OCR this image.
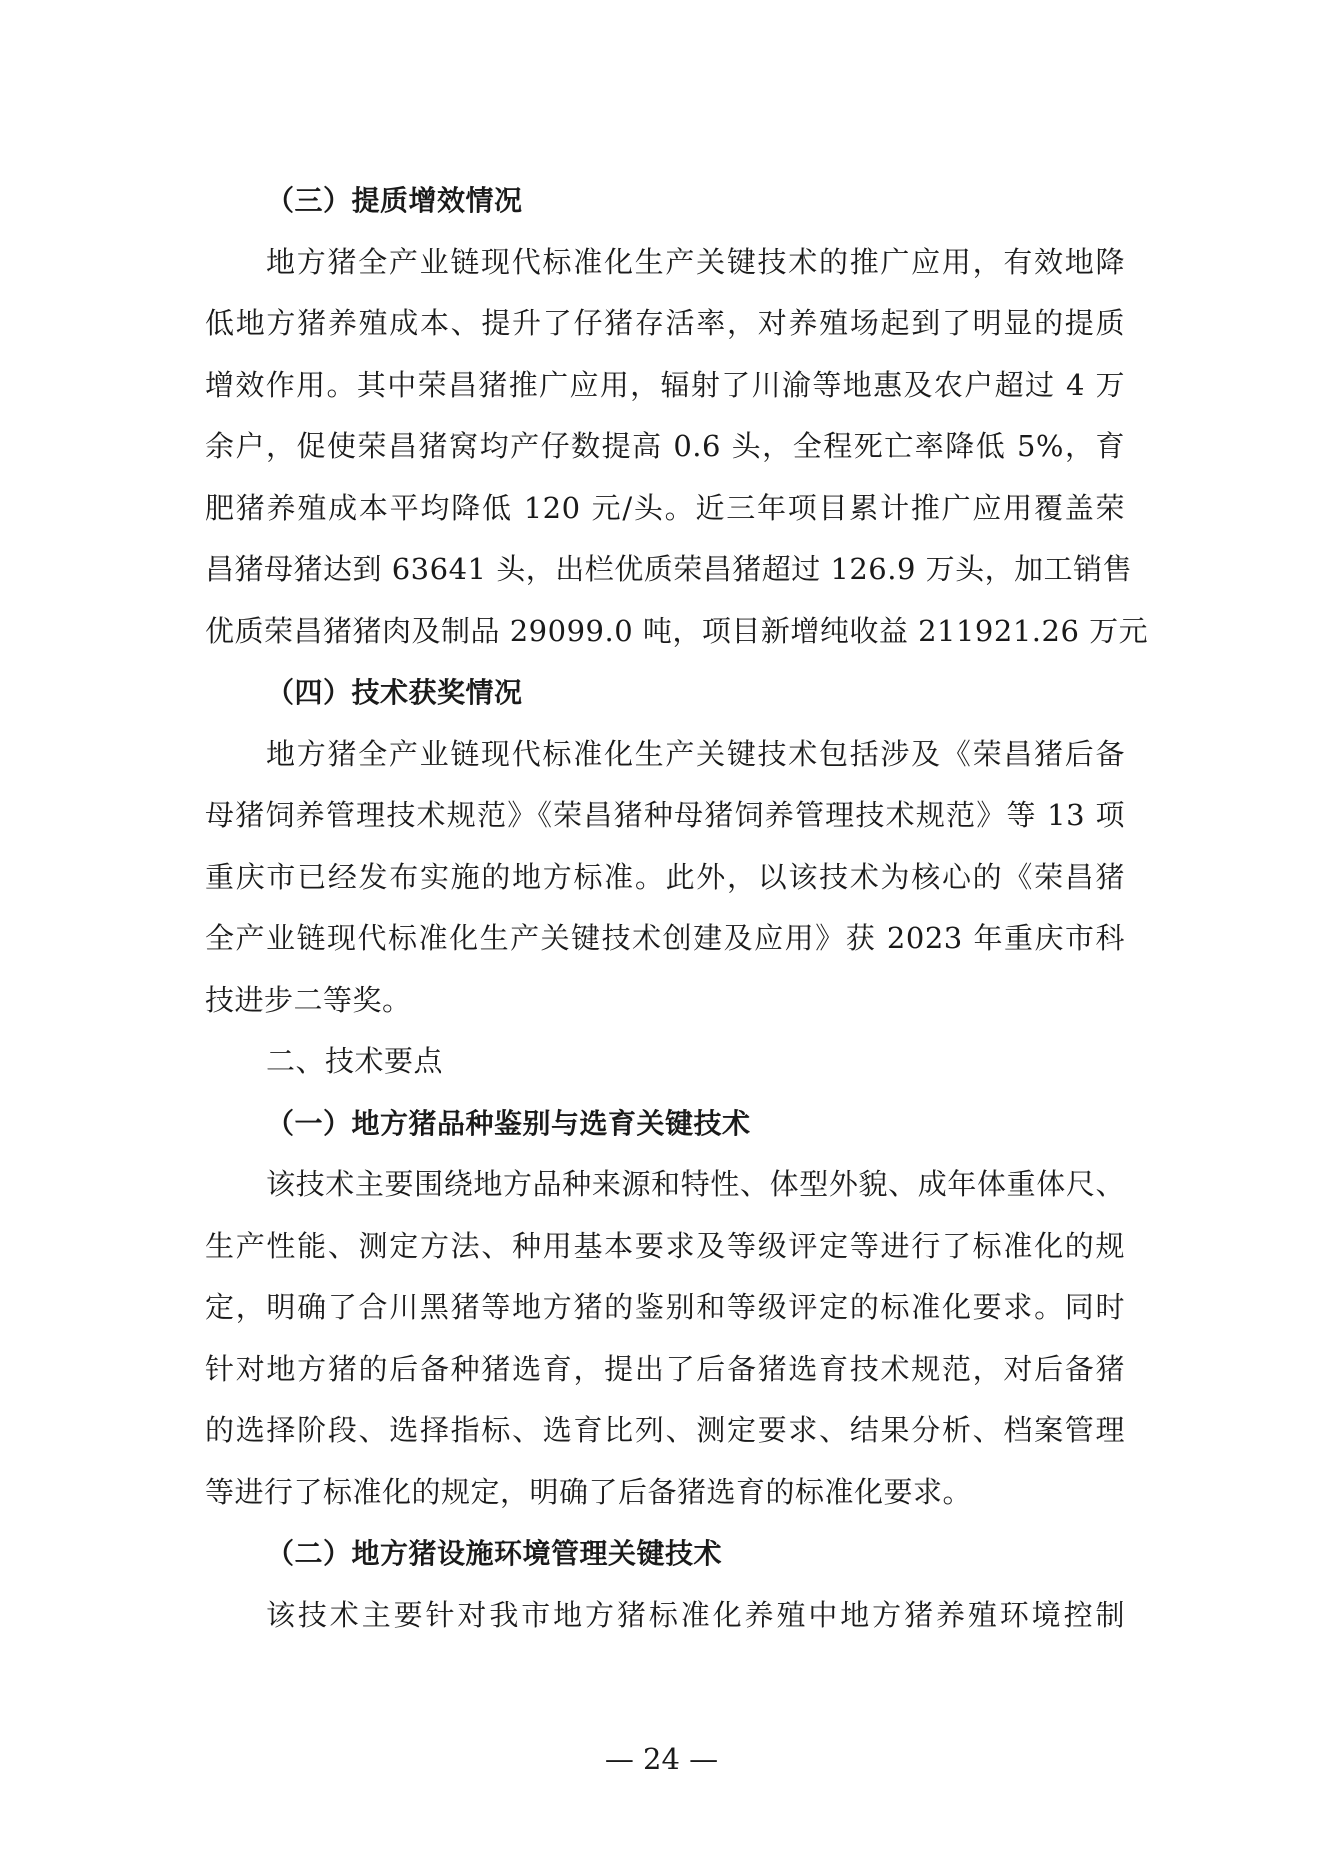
（三）提质增效情况
地方猪全产业链现代标准化生产关键技术的推广应用，有效地降
低地方猪养殖成本、提升了仔猪存活率，对养殖场起到了明显的提质
增效作用。其中荣昌猪推广应用，辐射了川渝等地惠及农户超过 4 万
余户，促使荣昌猪窝均产仔数提高 0.6 头，全程死亡率降低 5%，育
肥猪养殖成本平均降低 120 元/头。近三年项目累计推广应用覆盖荣
昌猪母猪达到 63641 头，出栏优质荣昌猪超过 126.9 万头，加工销售
优质荣昌猪猪肉及制品 29099.0 吨，项目新增纯收益 211921.26 万元
（四）技术获奖情况
地方猪全产业链现代标准化生产关键技术包括涉及《荣昌猪后备
母猪饲养管理技术规范》《荣昌猪种母猪饲养管理技术规范》等 13 项
重庆市已经发布实施的地方标准。此外，以该技术为核心的《荣昌猪
全产业链现代标准化生产关键技术创建及应用》获 2023 年重庆市科
技进步二等奖。
二、技术要点
（一）地方猪品种鉴别与选育关键技术
该技术主要围绕地方品种来源和特性、体型外貌、成年体重体尺、
生产性能、测定方法、种用基本要求及等级评定等进行了标准化的规
定，明确了合川黑猪等地方猪的鉴别和等级评定的标准化要求。同时
针对地方猪的后备种猪选育，提出了后备猪选育技术规范，对后备猪
的选择阶段、选择指标、选育比列、测定要求、结果分析、档案管理
等进行了标准化的规定，明确了后备猪选育的标准化要求。
（二）地方猪设施环境管理关键技术
该技术主要针对我市地方猪标准化养殖中地方猪养殖环境控制
— 24 —
